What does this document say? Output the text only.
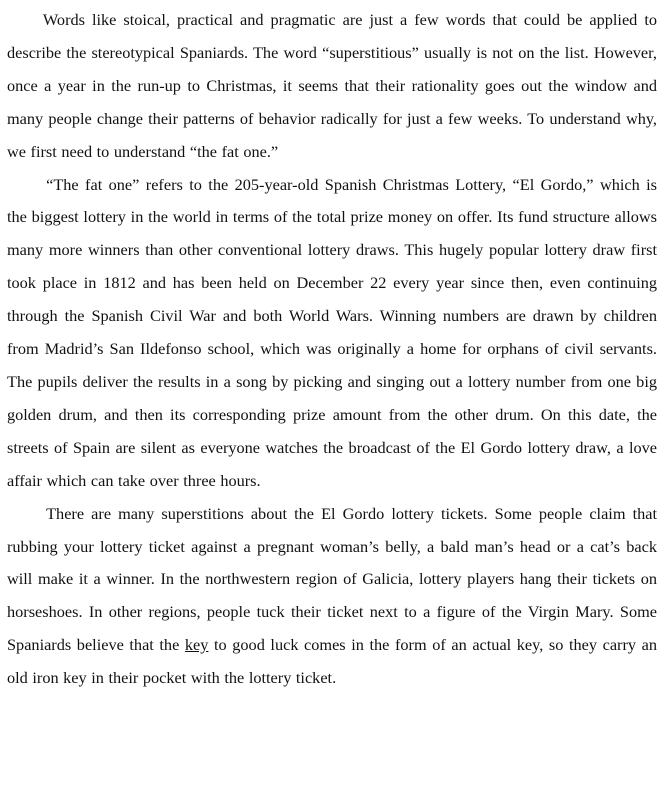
Words like stoical, practical and pragmatic are just a few words that could be applied to describe the stereotypical Spaniards. The word “superstitious” usually is not on the list. However, once a year in the run-up to Christmas, it seems that their rationality goes out the window and many people change their patterns of behavior radically for just a few weeks. To understand why, we first need to understand “the fat one.”

“The fat one” refers to the 205-year-old Spanish Christmas Lottery, “El Gordo,” which is the biggest lottery in the world in terms of the total prize money on offer. Its fund structure allows many more winners than other conventional lottery draws. This hugely popular lottery draw first took place in 1812 and has been held on December 22 every year since then, even continuing through the Spanish Civil War and both World Wars. Winning numbers are drawn by children from Madrid’s San Ildefonso school, which was originally a home for orphans of civil servants. The pupils deliver the results in a song by picking and singing out a lottery number from one big golden drum, and then its corresponding prize amount from the other drum. On this date, the streets of Spain are silent as everyone watches the broadcast of the El Gordo lottery draw, a love affair which can take over three hours.

There are many superstitions about the El Gordo lottery tickets. Some people claim that rubbing your lottery ticket against a pregnant woman’s belly, a bald man’s head or a cat’s back will make it a winner. In the northwestern region of Galicia, lottery players hang their tickets on horseshoes. In other regions, people tuck their ticket next to a figure of the Virgin Mary. Some Spaniards believe that the key to good luck comes in the form of an actual key, so they carry an old iron key in their pocket with the lottery ticket.
